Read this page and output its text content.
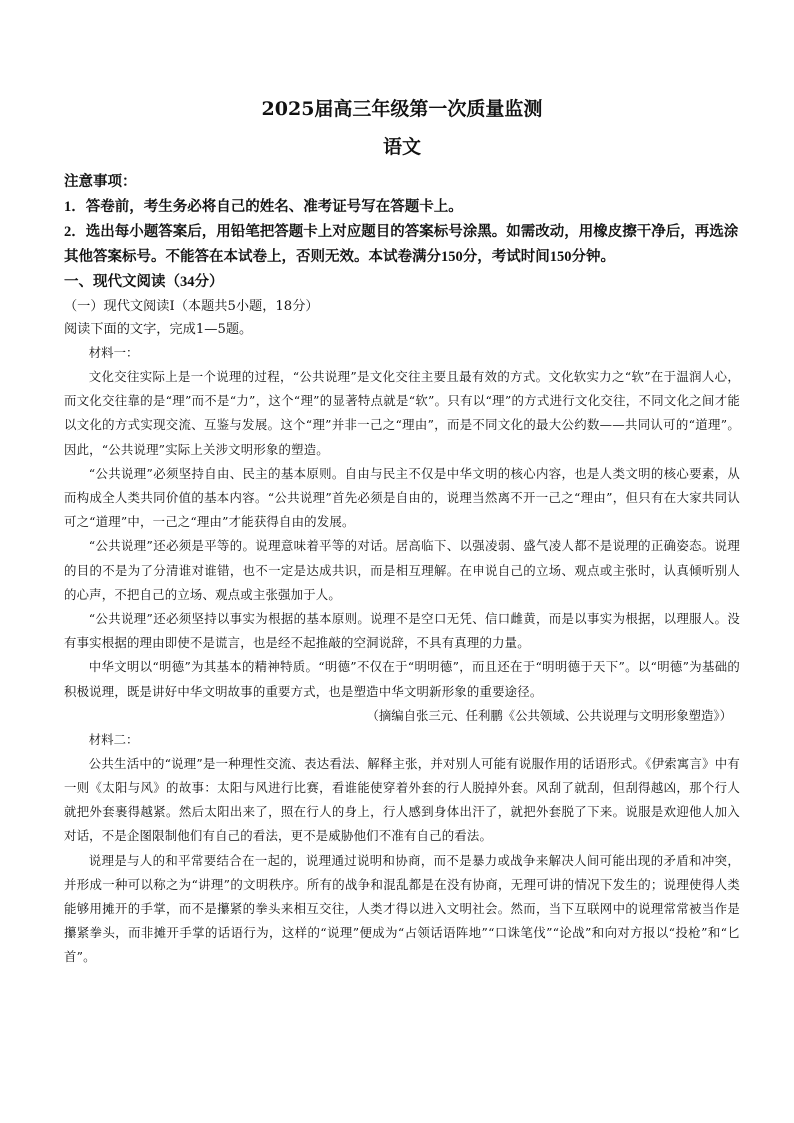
2025届高三年级第一次质量监测
语文

注意事项：

1．答卷前，考生务必将自己的姓名、准考证号写在答题卡上。

2．选出每小题答案后，用铅笔把答题卡上对应题目的答案标号涂黑。如需改动，用橡皮擦干净后，再选涂其他答案标号。不能答在本试卷上，否则无效。本试卷满分150分，考试时间150分钟。

一、现代文阅读（34分）

（一）现代文阅读Ⅰ（本题共5小题，18分）

阅读下面的文字，完成1—5题。

材料一：

文化交往实际上是一个说理的过程，“公共说理”是文化交往主要且最有效的方式。文化软实力之“软”在于温润人心，而文化交往靠的是“理”而不是“力”，这个“理”的显著特点就是“软”。只有以“理”的方式进行文化交往，不同文化之间才能以文化的方式实现交流、互鉴与发展。这个“理”并非一己之“理由”，而是不同文化的最大公约数——共同认可的“道理”。因此，“公共说理”实际上关涉文明形象的塑造。

“公共说理”必须坚持自由、民主的基本原则。自由与民主不仅是中华文明的核心内容，也是人类文明的核心要素，从而构成全人类共同价值的基本内容。“公共说理”首先必须是自由的，说理当然离不开一己之“理由”，但只有在大家共同认可之“道理”中，一己之“理由”才能获得自由的发展。

“公共说理”还必须是平等的。说理意味着平等的对话。居高临下、以强凌弱、盛气凌人都不是说理的正确姿态。说理的目的不是为了分清谁对谁错，也不一定是达成共识，而是相互理解。在申说自己的立场、观点或主张时，认真倾听别人的心声，不把自己的立场、观点或主张强加于人。

“公共说理”还必须坚持以事实为根据的基本原则。说理不是空口无凭、信口雌黄，而是以事实为根据，以理服人。没有事实根据的理由即使不是谎言，也是经不起推敲的空洞说辞，不具有真理的力量。

中华文明以“明德”为其基本的精神特质。“明德”不仅在于“明明德”，而且还在于“明明德于天下”。以“明德”为基础的积极说理，既是讲好中华文明故事的重要方式，也是塑造中华文明新形象的重要途径。

（摘编自张三元、任利鹏《公共领域、公共说理与文明形象塑造》）

材料二：

公共生活中的“说理”是一种理性交流、表达看法、解释主张，并对别人可能有说服作用的话语形式。《伊索寓言》中有一则《太阳与风》的故事：太阳与风进行比赛，看谁能使穿着外套的行人脱掉外套。风刮了就刮，但刮得越凶，那个行人就把外套裹得越紧。然后太阳出来了，照在行人的身上，行人感到身体出汗了，就把外套脱了下来。说服是欢迎他人加入对话，不是企图限制他们有自己的看法，更不是威胁他们不准有自己的看法。

说理是与人的和平常要结合在一起的，说理通过说明和协商，而不是暴力或战争来解决人间可能出现的矛盾和冲突，并形成一种可以称之为“讲理”的文明秩序。所有的战争和混乱都是在没有协商，无理可讲的情况下发生的；说理使得人类能够用摊开的手掌，而不是攥紧的拳头来相互交往，人类才得以进入文明社会。然而，当下互联网中的说理常常被当作是攥紧拳头，而非摊开手掌的话语行为，这样的“说理”便成为“占领话语阵地”“口诛笔伐”“论战”和向对方报以“投枪”和“匕首”。
